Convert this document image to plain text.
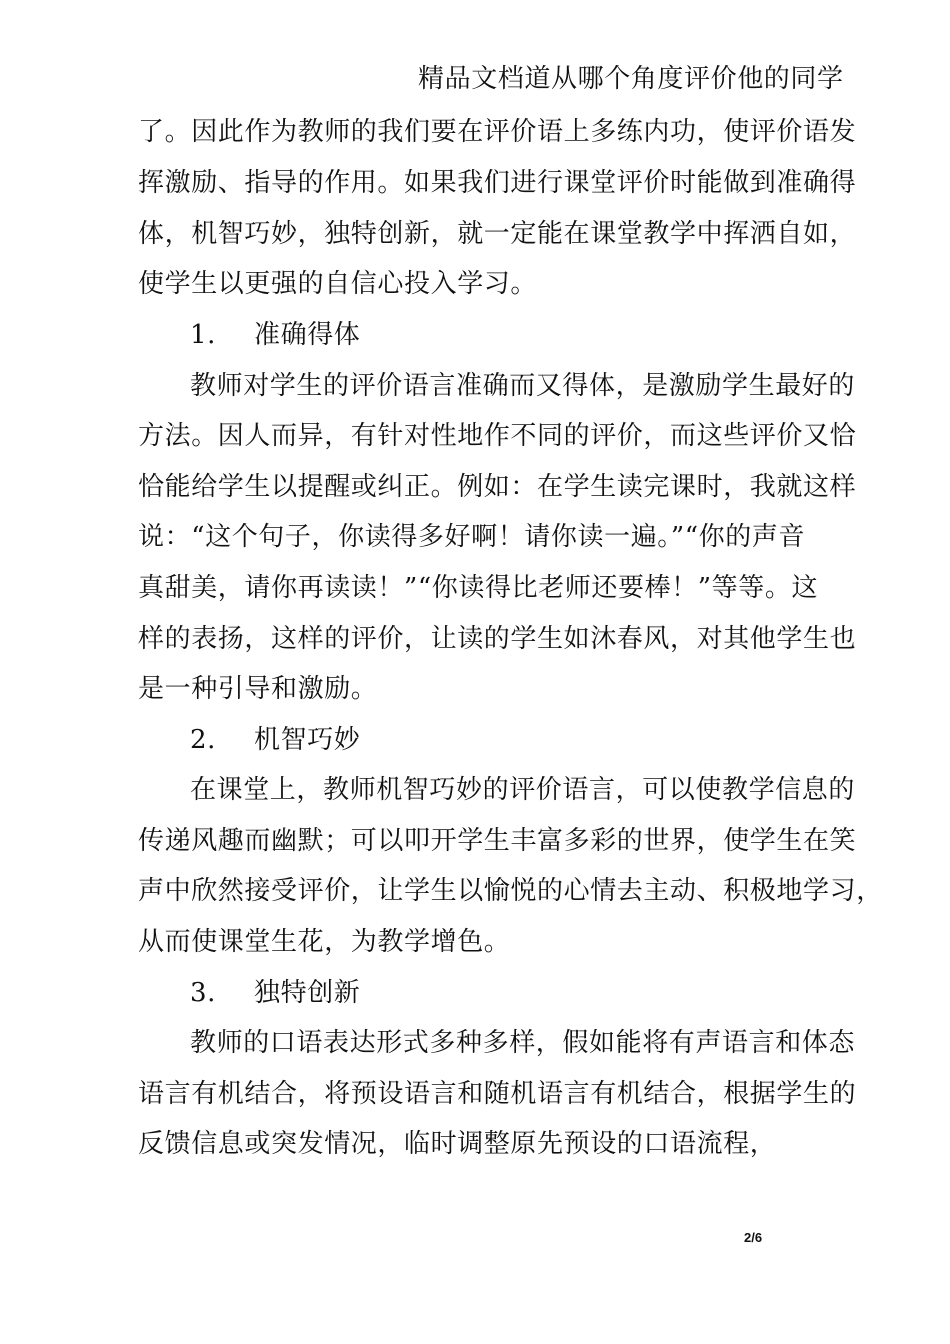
精品文档道从哪个角度评价他的同学
了。因此作为教师的我们要在评价语上多练内功，使评价语发
挥激励、指导的作用。如果我们进行课堂评价时能做到准确得
体，机智巧妙，独特创新，就一定能在课堂教学中挥洒自如，
使学生以更强的自信心投入学习。
1. 准确得体
教师对学生的评价语言准确而又得体，是激励学生最好的
方法。因人而异，有针对性地作不同的评价，而这些评价又恰
恰能给学生以提醒或纠正。例如：在学生读完课时，我就这样
说：“这个句子，你读得多好啊！请你读一遍。”“你的声音
真甜美，请你再读读！”“你读得比老师还要棒！”等等。这
样的表扬，这样的评价，让读的学生如沐春风，对其他学生也
是一种引导和激励。
2. 机智巧妙
在课堂上，教师机智巧妙的评价语言，可以使教学信息的
传递风趣而幽默；可以叩开学生丰富多彩的世界，使学生在笑
声中欣然接受评价，让学生以愉悦的心情去主动、积极地学习，
从而使课堂生花，为教学增色。
3. 独特创新
教师的口语表达形式多种多样，假如能将有声语言和体态
语言有机结合，将预设语言和随机语言有机结合，根据学生的
反馈信息或突发情况，临时调整原先预设的口语流程，
2/6
